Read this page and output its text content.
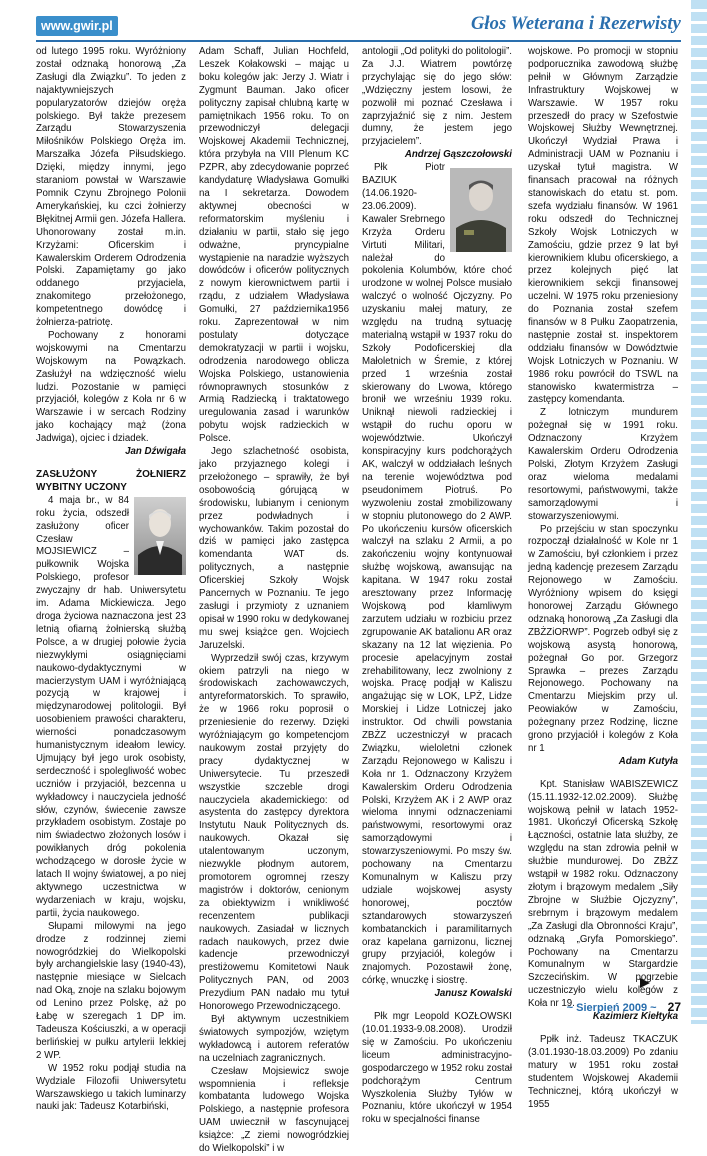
www.gwir.pl	Głos Weterana i Rezerwisty

od lutego 1995 roku. Wyróżniony został odznaką honorową „Za Zasługi dla Związku”. To jeden z najaktywniejszych popularyzatorów dziejów oręża polskiego. Był także prezesem Zarządu Stowarzyszenia Miłośników Polskiego Oręża im. Marszałka Józefa Piłsudskiego. Dzięki, między innymi, jego staraniom powstał w Warszawie Pomnik Czynu Zbrojnego Polonii Amerykańskiej, ku czci żołnierzy Błękitnej Armii gen. Józefa Hallera. Uhonorowany został m.in. Krzyżami: Oficerskim i Kawalerskim Orderem Odrodzenia Polski. Zapamiętamy go jako oddanego przyjaciela, znakomitego przełożonego, kompetentnego dowódcę i żołnierza-patriotę.

Pochowany z honorami wojskowymi na Cmentarzu Wojskowym na Powązkach. Zasłużył na wdzięczność wielu ludzi. Pozostanie w pamięci przyjaciół, kolegów z Koła nr 6 w Warszawie i w sercach Rodziny jako kochający mąż (żona Jadwiga), ojciec i dziadek.

Jan Dźwigała

ZASŁUŻONY ŻOŁNIERZ WYBITNY UCZONY

4 maja br., w 84 roku życia, odszedł zasłużony oficer Czesław MOJSIEWICZ – pułkownik Wojska Polskiego, profesor zwyczajny dr hab. Uniwersytetu im. Adama Mickiewicza. Jego droga życiowa naznaczona jest 23 letnią ofiarną żołnierską służbą Polsce, a w drugiej połowie życia niezwykłymi osiągnięciami naukowo-dydaktycznymi w macierzystym UAM i wyróżniającą pozycją w krajowej i międzynarodowej politologii. Był uosobieniem prawości charakteru, wierności ponadczasowym humanistycznym ideałom lewicy. Ujmujący był jego urok osobisty, serdeczność i spolegliwość wobec uczniów i przyjaciół, bezcenna u wykładowcy i nauczyciela jedność słów, czynów, świecenie zawsze przykładem osobistym. Zostaje po nim świadectwo złożonych losów i powikłanych dróg pokolenia wchodzącego w dorosłe życie w latach II wojny światowej, a po niej aktywnego uczestnictwa w wydarzeniach w kraju, wojsku, partii, życia naukowego.

Słupami milowymi na jego drodze z rodzinnej ziemi nowogródzkiej do Wielkopolski były archangielskie lasy (1940-43), następnie miesiące w Sielcach nad Oką, znoje na szlaku bojowym od Lenino przez Polskę, aż po Łabę w szeregach 1 DP im. Tadeusza Kościuszki, a w operacji berlińskiej w pułku artylerii lekkiej 2 WP.

W 1952 roku podjął studia na Wydziale Filozofii Uniwersytetu Warszawskiego u takich luminarzy nauki jak: Tadeusz Kotarbiński,

Adam Schaff, Julian Hochfeld, Leszek Kołakowski – mając u boku kolegów jak: Jerzy J. Wiatr i Zygmunt Bauman. Jako oficer polityczny zapisał chlubną kartę w pamiętnikach 1956 roku. To on przewodniczył delegacji Wojskowej Akademii Technicznej, która przybyła na VIII Plenum KC PZPR, aby zdecydowanie poprzeć kandydaturę Władysława Gomułki na I sekretarza. Dowodem aktywnej obecności w reformatorskim myśleniu i działaniu w partii, stało się jego odważne, pryncypialne wystąpienie na naradzie wyższych dowódców i oficerów politycznych z nowym kierownictwem partii i rządu, z udziałem Władysława Gomułki, 27 października1956 roku. Zaprezentował w nim postulaty dotyczące demokratyzacji w partii i wojsku, odrodzenia narodowego oblicza Wojska Polskiego, ustanowienia równoprawnych stosunków z Armią Radziecką i traktatowego uregulowania zasad i warunków pobytu wojsk radzieckich w Polsce.

Jego szlachetność osobista, jako przyjaznego kolegi i przełożonego – sprawiły, że był osobowością górującą w środowisku, lubianym i cenionym przez podwładnych i wychowanków. Takim pozostał do dziś w pamięci jako zastępca komendanta WAT ds. politycznych, a następnie Oficerskiej Szkoły Wojsk Pancernych w Poznaniu. Te jego zasługi i przymioty z uznaniem opisał w 1990 roku w dedykowanej mu swej książce gen. Wojciech Jaruzelski.

Wyprzedził swój czas, krzywym okiem patrzyli na niego w środowiskach zachowawczych, antyreformatorskich. To sprawiło, że w 1966 roku poprosił o przeniesienie do rezerwy. Dzięki wyróżniającym go kompetencjom naukowym został przyjęty do pracy dydaktycznej w Uniwersytecie. Tu przeszedł wszystkie szczeble drogi nauczyciela akademickiego: od asystenta do zastępcy dyrektora Instytutu Nauk Politycznych ds. naukowych. Okazał się utalentowanym uczonym, niezwykle płodnym autorem, promotorem ogromnej rzeszy magistrów i doktorów, cenionym za obiektywizm i wnikliwość recenzentem publikacji naukowych. Zasiadał w licznych radach naukowych, przez dwie kadencje przewodniczył prestiżowemu Komitetowi Nauk Politycznych PAN, od 2003 Prezydium PAN nadało mu tytuł Honorowego Przewodniczącego.

Był aktywnym uczestnikiem światowych sympozjów, wziętym wykładowcą i autorem referatów na uczelniach zagranicznych.

Czesław Mojsiewicz swoje wspomnienia i refleksje kombatanta ludowego Wojska Polskiego, a następnie profesora UAM uwiecznił w fascynującej książce: „Z ziemi nowogródzkiej do Wielkopolski” i w

antologii „Od polityki do politologii”. Za J.J. Wiatrem powtórzę przychylając się do jego słów: „Wdzięczny jestem losowi, że pozwolił mi poznać Czesława i zaprzyjaźnić się z nim. Jestem dumny, że jestem jego przyjacielem”.

Andrzej Gąszczołowski

Płk Piotr BAZIUK (14.06.1920-23.06.2009). Kawaler Srebrnego Krzyża Orderu Virtuti Militari, należał do pokolenia Kolumbów, które choć urodzone w wolnej Polsce musiało walczyć o wolność Ojczyzny. Po uzyskaniu małej matury, ze względu na trudną sytuację materialną wstąpił w 1937 roku do Szkoły Podoficerskiej dla Małoletnich w Śremie, z której przed 1 września został skierowany do Lwowa, którego bronił we wrześniu 1939 roku. Uniknął niewoli radzieckiej i wstąpił do ruchu oporu w województwie. Ukończył konspiracyjny kurs podchorążych AK, walczył w oddziałach leśnych na terenie województwa pod pseudonimem Piotruś. Po wyzwoleniu został zmobilizowany w stopniu plutonowego do 2 AWP. Po ukończeniu kursów oficerskich walczył na szlaku 2 Armii, a po zakończeniu wojny kontynuował służbę wojskową, awansując na kapitana. W 1947 roku został aresztowany przez Informację Wojskową pod kłamliwym zarzutem udziału w rozbiciu przez zgrupowanie AK batalionu AR oraz skazany na 12 lat więzienia. Po procesie apelacyjnym został zrehabilitowany, lecz zwolniony z wojska. Pracę podjął w Kaliszu angażując się w LOK, LPŻ, Lidze Morskiej i Lidze Lotniczej jako instruktor. Od chwili powstania ZBŻZ uczestniczył w pracach Związku, wieloletni członek Zarządu Rejonowego w Kaliszu i Koła nr 1. Odznaczony Krzyżem Kawalerskim Orderu Odrodzenia Polski, Krzyżem AK i 2 AWP oraz wieloma innymi odznaczeniami państwowymi, resortowymi oraz samorządowymi i stowarzyszeniowymi. Po mszy św. pochowany na Cmentarzu Komunalnym w Kaliszu przy udziale wojskowej asysty honorowej, pocztów sztandarowych stowarzyszeń kombatanckich i paramilitarnych oraz kapelana garnizonu, licznej grupy przyjaciół, kolegów i znajomych. Pozostawił żonę, córkę, wnuczkę i siostrę.

Janusz Kowalski

Płk mgr Leopold KOZŁOWSKI (10.01.1933-9.08.2008). Urodził się w Zamościu. Po ukończeniu liceum administracyjno-gospodarczego w 1952 roku został podchorążym Centrum Wyszkolenia Służby Tyłów w Poznaniu, które ukończył w 1954 roku w specjalności finanse

wojskowe. Po promocji w stopniu podporucznika zawodową służbę pełnił w Głównym Zarządzie Infrastruktury Wojskowej w Warszawie. W 1957 roku przeszedł do pracy w Szefostwie Wojskowej Służby Wewnętrznej. Ukończył Wydział Prawa i Administracji UAM w Poznaniu i uzyskał tytuł magistra. W finansach pracował na różnych stanowiskach do etatu st. pom. szefa wydziału finansów. W 1961 roku odszedł do Technicznej Szkoły Wojsk Lotniczych w Zamościu, gdzie przez 9 lat był kierownikiem klubu oficerskiego, a przez kolejnych pięć lat kierownikiem sekcji finansowej uczelni. W 1975 roku przeniesiony do Poznania został szefem finansów w 8 Pułku Zaopatrzenia, następnie został st. inspektorem oddziału finansów w Dowództwie Wojsk Lotniczych w Poznaniu. W 1986 roku powrócił do TSWL na stanowisko kwatermistrza – zastępcy komendanta.

Z lotniczym mundurem pożegnał się w 1991 roku. Odznaczony Krzyżem Kawalerskim Orderu Odrodzenia Polski, Złotym Krzyżem Zasługi oraz wieloma medalami resortowymi, państwowymi, także samorządowymi i stowarzyszeniowymi.

Po przejściu w stan spoczynku rozpoczął działalność w Kole nr 1 w Zamościu, był członkiem i przez jedną kadencję prezesem Zarządu Rejonowego w Zamościu. Wyróżniony wpisem do księgi honorowej Zarządu Głównego odznaką honorową „Za Zasługi dla ZBŻZiORWP”. Pogrzeb odbył się z wojskową asystą honorową, pożegnał Go por. Grzegorz Sprawka – prezes Zarządu Rejonowego. Pochowany na Cmentarzu Miejskim przy ul. Peowiaków w Zamościu, pożegnany przez Rodzinę, liczne grono przyjaciół i kolegów z Koła nr 1

Adam Kutyła

Kpt. Stanisław WABISZEWICZ (15.11.1932-12.02.2009). Służbę wojskową pełnił w latach 1952-1981. Ukończył Oficerską Szkołę Łączności, ostatnie lata służby, ze względu na stan zdrowia pełnił w służbie mundurowej. Do ZBŻZ wstąpił w 1982 roku. Odznaczony złotym i brązowym medalem „Siły Zbrojne w Służbie Ojczyzny”, srebrnym i brązowym medalem „Za Zasługi dla Obronności Kraju”, odznaką „Gryfa Pomorskiego”. Pochowany na Cmentarzu Komunalnym w Stargardzie Szczecińskim. W pogrzebie uczestniczyło wielu kolegów z Koła nr 19.

Kazimierz Kiełtyka

Ppłk inż. Tadeusz TKACZUK (3.01.1930-18.03.2009) Po zdaniu matury w 1951 roku został studentem Wojskowej Akademii Technicznej, którą ukończył w 1955

~ Sierpień 2009 ~ 27
